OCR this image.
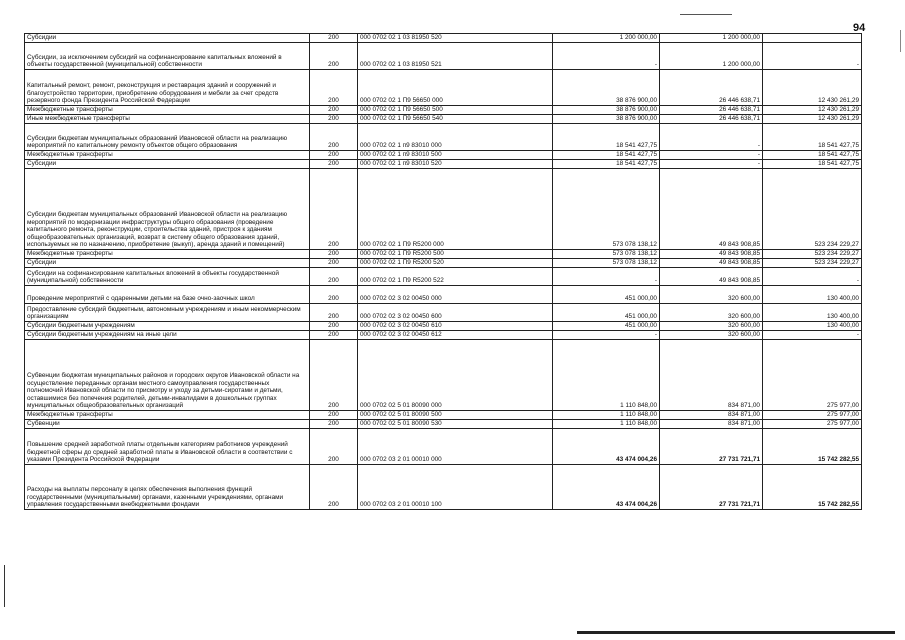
94
Субсидии	200	000 0702 02 1 03 81950 520	1 200 000,00	1 200 000,00	
Субсидии, за исключением субсидий на софинансирование капитальных вложений в объекты государственной (муниципальной) собственности	200	000 0702 02 1 03 81950 521	-	1 200 000,00	-
Капитальный ремонт, ремонт, реконструкция и реставрация зданий и сооружений и благоустройство территории, приобретение оборудования и мебели за счет средств резервного фонда Президента Российской Федерации	200	000 0702 02 1 П9 56650 000	38 876 900,00	26 446 638,71	12 430 261,29
Межбюджетные трансферты	200	000 0702 02 1 П9 56650 500	38 876 900,00	26 446 638,71	12 430 261,29
Иные межбюджетные трансферты	200	000 0702 02 1 П9 56650 540	38 876 900,00	26 446 638,71	12 430 261,29
Субсидии бюджетам муниципальных образований Ивановской области на реализацию мероприятий по капитальному ремонту объектов общего образования	200	000 0702 02 1 п9 83010 000	18 541 427,75	-	18 541 427,75
Межбюджетные трансферты	200	000 0702 02 1 п9 83010 500	18 541 427,75	-	18 541 427,75
Субсидии	200	000 0702 02 1 п9 83010 520	18 541 427,75	-	18 541 427,75
Субсидии бюджетам муниципальных образований Ивановской области на реализацию мероприятий по модернизации инфраструктуры общего образования (проведение капитального ремонта, реконструкции, строительства зданий, пристроя к зданиям общеобразовательных организаций, возврат в систему общего образования зданий, используемых не по назначению, приобретение (выкуп), аренда зданий и помещений)	200	000 0702 02 1 П9 R5200 000	573 078 138,12	49 843 908,85	523 234 229,27
Межбюджетные трансферты	200	000 0702 02 1 П9 R5200 500	573 078 138,12	49 843 908,85	523 234 229,27
Субсидии	200	000 0702 02 1 П9 R5200 520	573 078 138,12	49 843 908,85	523 234 229,27
Субсидии на софинансирование капитальных вложений в объекты государственной (муниципальной) собственности	200	000 0702 02 1 П9 R5200 522	-	49 843 908,85	-
Проведение мероприятий с одаренными детьми на базе очно-заочных школ	200	000 0702 02 3 02 00450 000	451 000,00	320 600,00	130 400,00
Предоставление субсидий бюджетным, автономным учреждениям и иным некоммерческим организациям	200	000 0702 02 3 02 00450 600	451 000,00	320 600,00	130 400,00
Субсидии бюджетным учреждениям	200	000 0702 02 3 02 00450 610	451 000,00	320 600,00	130 400,00
Субсидии бюджетным учреждениям на иные цели	200	000 0702 02 3 02 00450 612	-	320 600,00	-
Субвенции бюджетам муниципальных районов и городских округов Ивановской области на осуществление переданных органам местного самоуправления государственных полномочий Ивановской области по присмотру и уходу за детьми-сиротами и детьми, оставшимися без попечения родителей, детьми-инвалидами в дошкольных группах муниципальных общеобразовательных организаций	200	000 0702 02 5 01 80090 000	1 110 848,00	834 871,00	275 977,00
Межбюджетные трансферты	200	000 0702 02 5 01 80090 500	1 110 848,00	834 871,00	275 977,00
Субвенции	200	000 0702 02 5 01 80090 530	1 110 848,00	834 871,00	275 977,00
Повышение средней заработной платы отдельным категориям работников учреждений бюджетной сферы до средней заработной платы в Ивановской области в соответствии с указами Президента Российской Федерации	200	000 0702 03 2 01 00010 000	43 474 004,26	27 731 721,71	15 742 282,55
Расходы на выплаты персоналу в целях обеспечения выполнения функций государственными (муниципальными) органами, казенными учреждениями, органами управления государственными внебюджетными фондами	200	000 0702 03 2 01 00010 100	43 474 004,26	27 731 721,71	15 742 282,55
